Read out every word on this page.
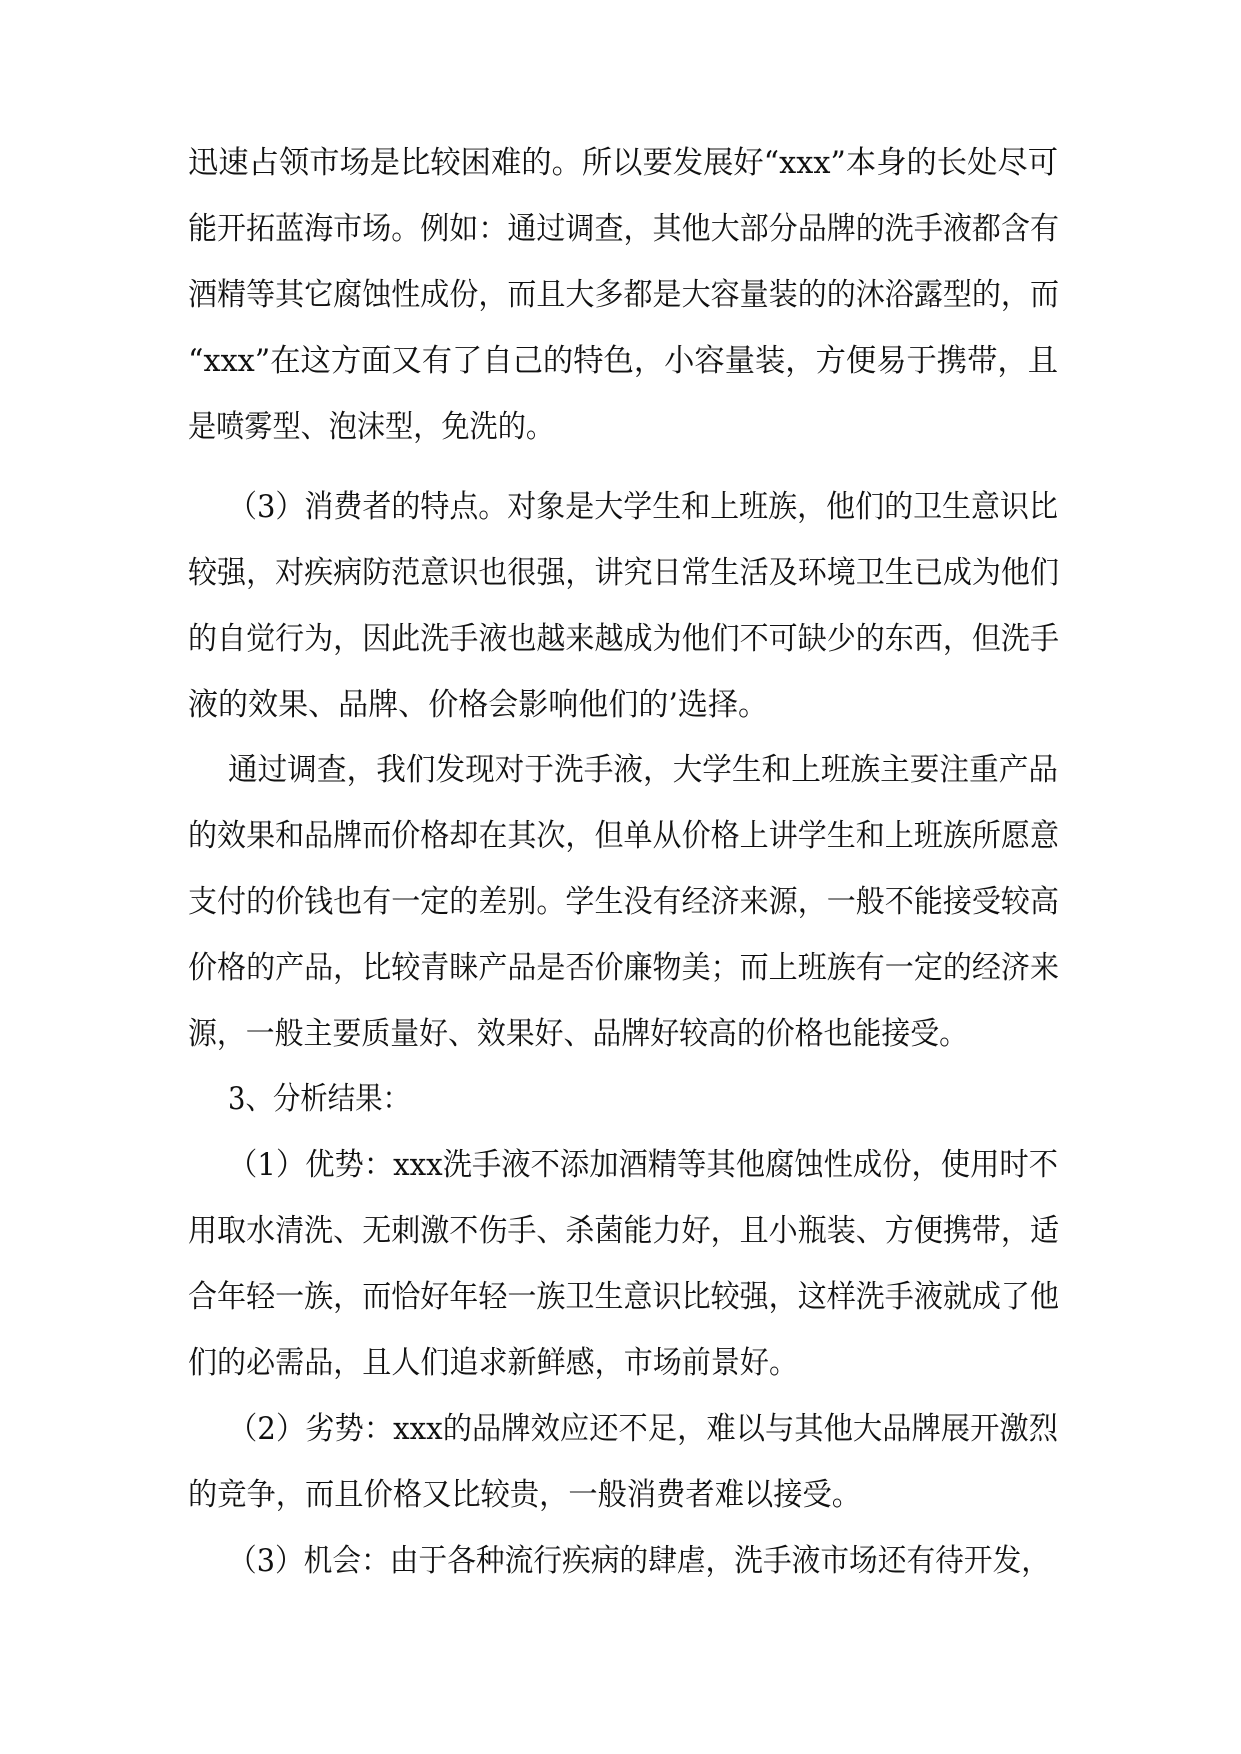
迅速占领市场是比较困难的。所以要发展好“xxx”本身的长处尽可
能开拓蓝海市场。例如：通过调查，其他大部分品牌的洗手液都含有
酒精等其它腐蚀性成份，而且大多都是大容量装的的沐浴露型的，而
“xxx”在这方面又有了自己的特色，小容量装，方便易于携带，且
是喷雾型、泡沫型，免洗的。
（3）消费者的特点。对象是大学生和上班族，他们的卫生意识比
较强，对疾病防范意识也很强，讲究日常生活及环境卫生已成为他们
的自觉行为，因此洗手液也越来越成为他们不可缺少的东西，但洗手
液的效果、品牌、价格会影响他们的’选择。
通过调查，我们发现对于洗手液，大学生和上班族主要注重产品
的效果和品牌而价格却在其次，但单从价格上讲学生和上班族所愿意
支付的价钱也有一定的差别。学生没有经济来源，一般不能接受较高
价格的产品，比较青睐产品是否价廉物美；而上班族有一定的经济来
源，一般主要质量好、效果好、品牌好较高的价格也能接受。
3、分析结果：
（1）优势：xxx洗手液不添加酒精等其他腐蚀性成份，使用时不
用取水清洗、无刺激不伤手、杀菌能力好，且小瓶装、方便携带，适
合年轻一族，而恰好年轻一族卫生意识比较强，这样洗手液就成了他
们的必需品，且人们追求新鲜感，市场前景好。
（2）劣势：xxx的品牌效应还不足，难以与其他大品牌展开激烈
的竞争，而且价格又比较贵，一般消费者难以接受。
（3）机会：由于各种流行疾病的肆虐，洗手液市场还有待开发，
